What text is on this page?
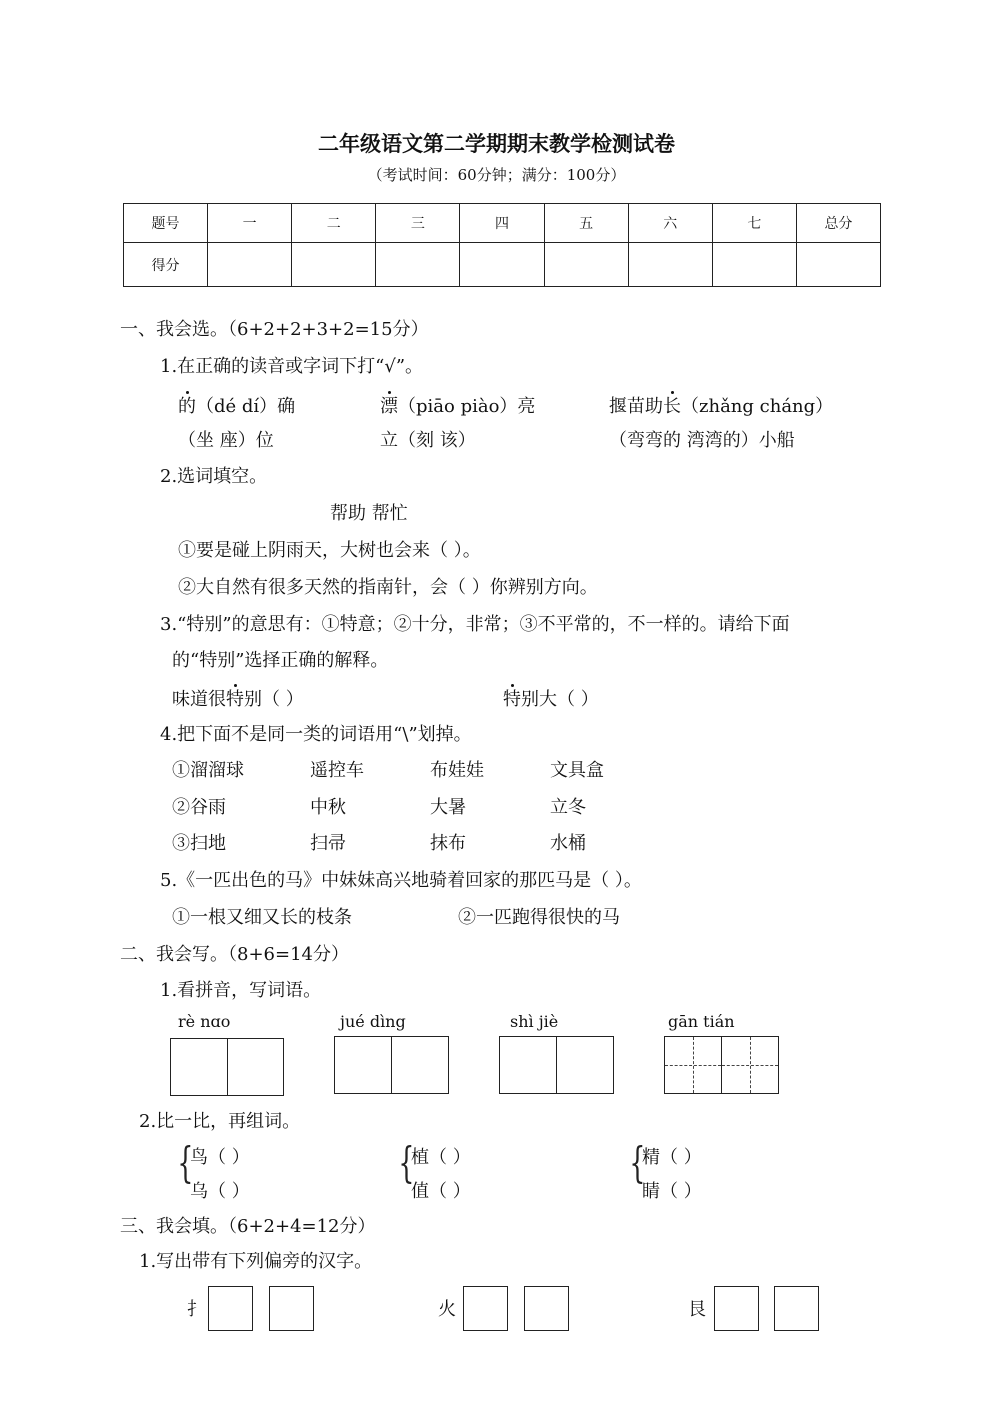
二年级语文第二学期期末教学检测试卷
（考试时间：60分钟；满分：100分）
题号	一	二	三	四	五	六	七	总分
得分								
一、我会选。（6+2+2+3+2=15分）
1.在正确的读音或字词下打“√”。
的（dé dí）确	漂（piāo piào）亮	揠苗助长（zhǎng cháng）
（坐 座）位	立（刻 该）	（弯弯的 湾湾的）小船
2.选词填空。
帮助 帮忙
①要是碰上阴雨天，大树也会来（ ）。
②大自然有很多天然的指南针，会（ ）你辨别方向。
3.“特别”的意思有：①特意；②十分，非常；③不平常的，不一样的。请给下面
的“特别”选择正确的解释。
味道很特别（ ）	特别大（ ）
4.把下面不是同一类的词语用“\”划掉。
①溜溜球	遥控车	布娃娃	文具盒
②谷雨	中秋	大暑	立冬
③扫地	扫帚	抹布	水桶
5.《一匹出色的马》中妹妹高兴地骑着回家的那匹马是（ ）。
①一根又细又长的枝条	②一匹跑得很快的马
二、我会写。（8+6=14分）
1.看拼音，写词语。
rè nɑo	jué dìng	shì jiè	gān tián
2.比一比，再组词。
{
鸟（ ）
乌（ ）
{
植（ ）
值（ ）
{
精（ ）
睛（ ）
三、我会填。（6+2+4=12分）
1.写出带有下列偏旁的汉字。
扌	火	艮
